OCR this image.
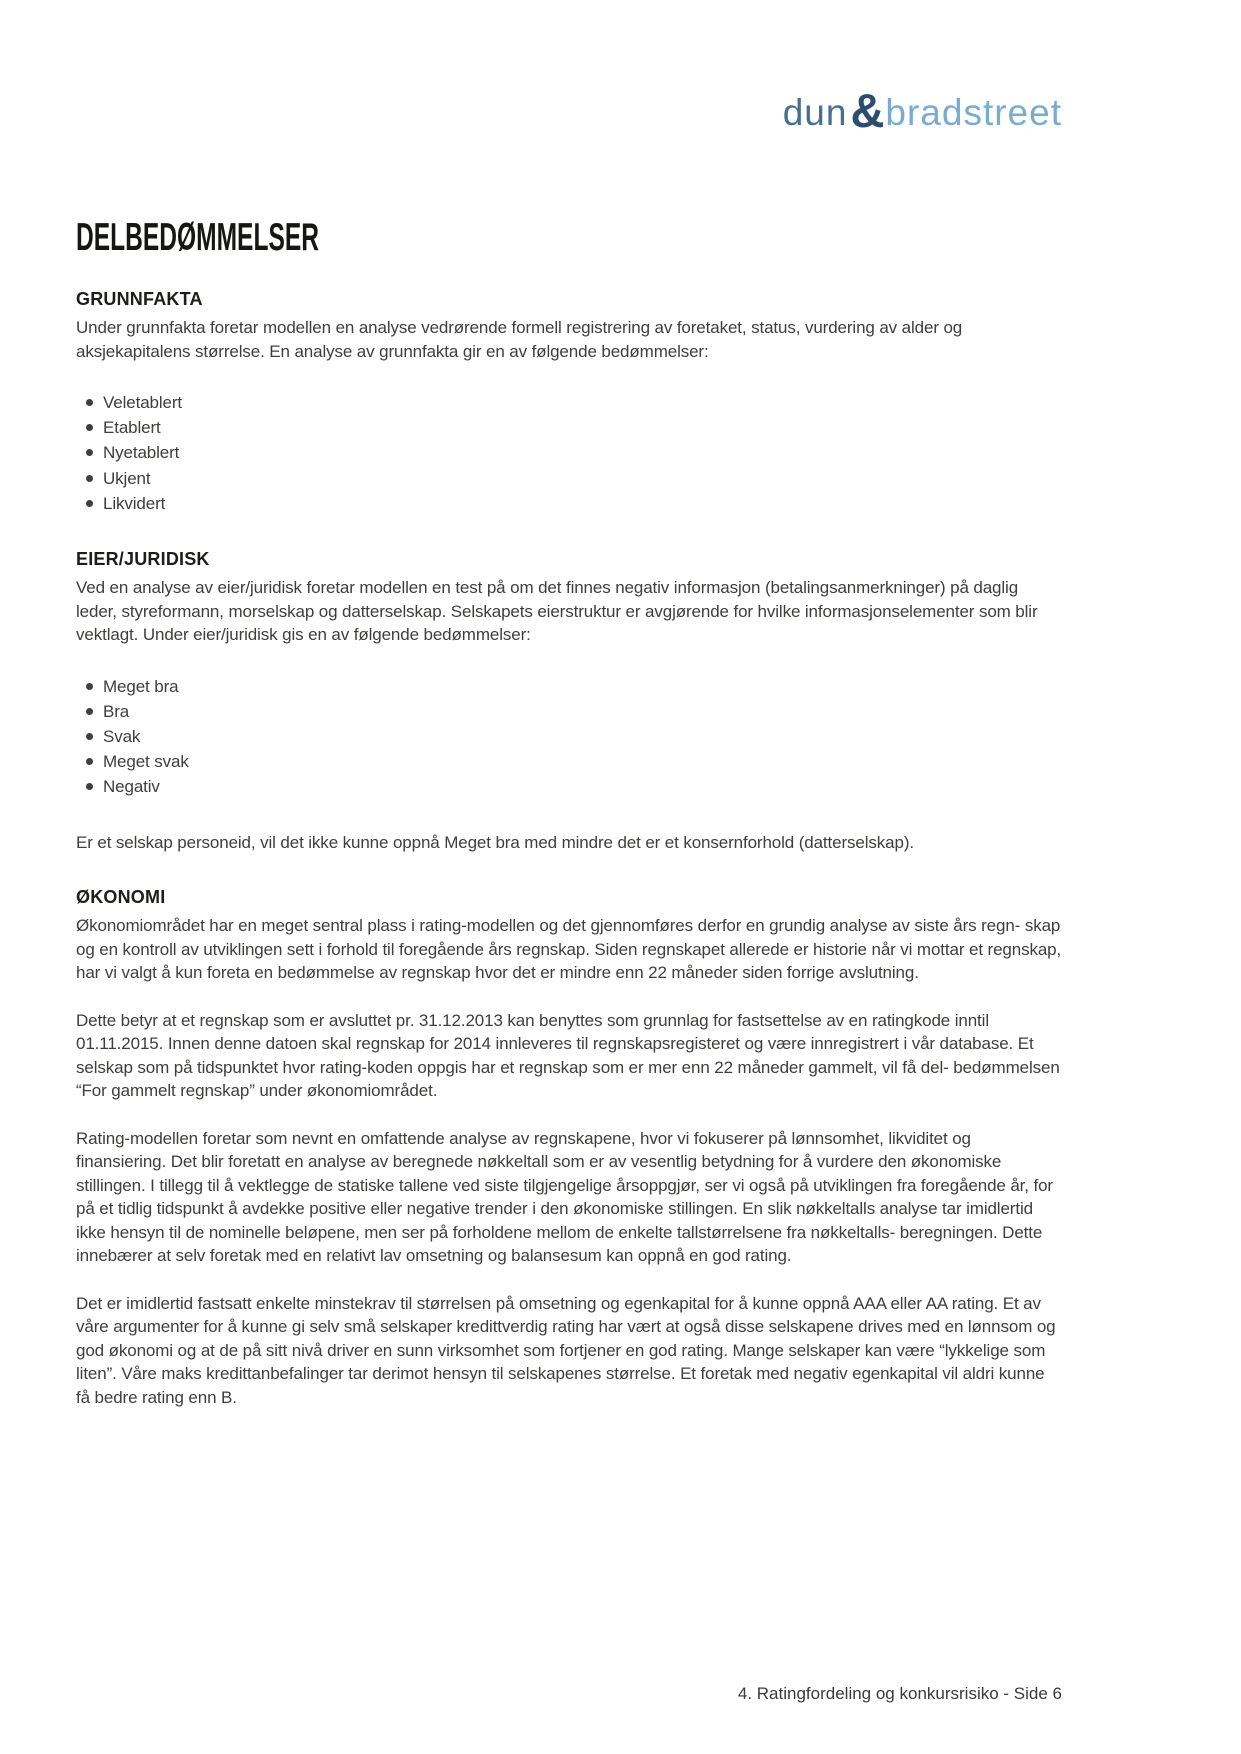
dun & bradstreet
DELBEDØMMELSER
GRUNNFAKTA

Under grunnfakta foretar modellen en analyse vedrørende formell registrering av foretaket, status, vurdering av alder og aksjekapitalens størrelse. En analyse av grunnfakta gir en av følgende bedømmelser:

Veletablert
Etablert
Nyetablert
Ukjent
Likvidert
EIER/JURIDISK

Ved en analyse av eier/juridisk foretar modellen en test på om det finnes negativ informasjon (betalingsanmerkninger) på daglig leder, styreformann, morselskap og datterselskap. Selskapets eierstruktur er avgjørende for hvilke informasjonselementer som blir vektlagt. Under eier/juridisk gis en av følgende bedømmelser:

Meget bra
Bra
Svak
Meget svak
Negativ

Er et selskap personeid, vil det ikke kunne oppnå Meget bra med mindre det er et konsernforhold (datterselskap).

ØKONOMI

Økonomiområdet har en meget sentral plass i rating-modellen og det gjennomføres derfor en grundig analyse av siste års regn- skap og en kontroll av utviklingen sett i forhold til foregående års regnskap. Siden regnskapet allerede er historie når vi mottar et regnskap, har vi valgt å kun foreta en bedømmelse av regnskap hvor det er mindre enn 22 måneder siden forrige avslutning.

Dette betyr at et regnskap som er avsluttet pr. 31.12.2013 kan benyttes som grunnlag for fastsettelse av en ratingkode inntil 01.11.2015. Innen denne datoen skal regnskap for 2014 innleveres til regnskapsregisteret og være innregistrert i vår database. Et selskap som på tidspunktet hvor rating-koden oppgis har et regnskap som er mer enn 22 måneder gammelt, vil få del- bedømmelsen “For gammelt regnskap” under økonomiområdet.

Rating-modellen foretar som nevnt en omfattende analyse av regnskapene, hvor vi fokuserer på lønnsomhet, likviditet og finansiering. Det blir foretatt en analyse av beregnede nøkkeltall som er av vesentlig betydning for å vurdere den økonomiske stillingen. I tillegg til å vektlegge de statiske tallene ved siste tilgjengelige årsoppgjør, ser vi også på utviklingen fra foregående år, for på et tidlig tidspunkt å avdekke positive eller negative trender i den økonomiske stillingen. En slik nøkkeltalls analyse tar imidlertid ikke hensyn til de nominelle beløpene, men ser på forholdene mellom de enkelte tallstørrelsene fra nøkkeltalls- beregningen. Dette innebærer at selv foretak med en relativt lav omsetning og balansesum kan oppnå en god rating.

Det er imidlertid fastsatt enkelte minstekrav til størrelsen på omsetning og egenkapital for å kunne oppnå AAA eller AA rating. Et av våre argumenter for å kunne gi selv små selskaper kredittverdig rating har vært at også disse selskapene drives med en lønnsom og god økonomi og at de på sitt nivå driver en sunn virksomhet som fortjener en god rating. Mange selskaper kan være “lykkelige som liten”. Våre maks kredittanbefalinger tar derimot hensyn til selskapenes størrelse. Et foretak med negativ egenkapital vil aldri kunne få bedre rating enn B.

4. Ratingfordeling og konkursrisiko - Side 6
